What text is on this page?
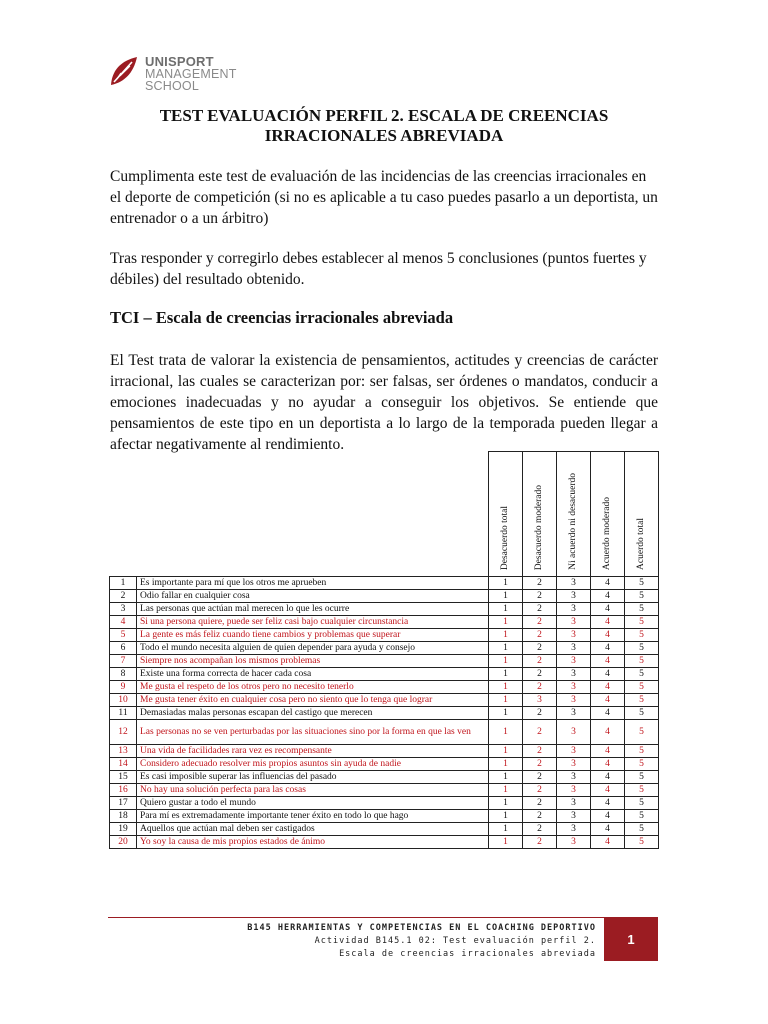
UNISPORT
MANAGEMENT
SCHOOL
TEST EVALUACIÓN PERFIL 2. ESCALA DE CREENCIAS IRRACIONALES ABREVIADA

Cumplimenta este test de evaluación de las incidencias de las creencias irracionales en el deporte de competición (si no es aplicable a tu caso puedes pasarlo a un deportista, un entrenador o a un árbitro)

Tras responder y corregirlo debes establecer al menos 5 conclusiones (puntos fuertes y débiles) del resultado obtenido.

TCI – Escala de creencias irracionales abreviada

El Test trata de valorar la existencia de pensamientos, actitudes y creencias de carácter irracional, las cuales se caracterizan por: ser falsas, ser órdenes o mandatos, conducir a emociones inadecuadas y no ayudar a conseguir los objetivos. Se entiende que pensamientos de este tipo en un deportista a lo largo de la temporada pueden llegar a afectar negativamente al rendimiento.

		Desacuerdo total	Desacuerdo moderado	Ni acuerdo ni desacuerdo	Acuerdo moderado	Acuerdo total

1	Es importante para mí que los otros me aprueben	1	2	3	4	5
2	Odio fallar en cualquier cosa	1	2	3	4	5
3	Las personas que actúan mal merecen lo que les ocurre	1	2	3	4	5
4	Si una persona quiere, puede ser feliz casi bajo cualquier circunstancia	1	2	3	4	5
5	La gente es más feliz cuando tiene cambios y problemas que superar	1	2	3	4	5
6	Todo el mundo necesita alguien de quien depender para ayuda y consejo	1	2	3	4	5
7	Siempre nos acompañan los mismos problemas	1	2	3	4	5
8	Existe una forma correcta de hacer cada cosa	1	2	3	4	5
9	Me gusta el respeto de los otros pero no necesito tenerlo	1	2	3	4	5
10	Me gusta tener éxito en cualquier cosa pero no siento que lo tenga que lograr	1	3	3	4	5
11	Demasiadas malas personas escapan del castigo que merecen	1	2	3	4	5
12	Las personas no se ven perturbadas por las situaciones sino por la forma en que las ven	1	2	3	4	5
13	Una vida de facilidades rara vez es recompensante	1	2	3	4	5
14	Considero adecuado resolver mis propios asuntos sin ayuda de nadie	1	2	3	4	5
15	Es casi imposible superar las influencias del pasado	1	2	3	4	5
16	No hay una solución perfecta para las cosas	1	2	3	4	5
17	Quiero gustar a todo el mundo	1	2	3	4	5
18	Para mí es extremadamente importante tener éxito en todo lo que hago	1	2	3	4	5
19	Aquellos que actúan mal deben ser castigados	1	2	3	4	5
20	Yo soy la causa de mis propios estados de ánimo	1	2	3	4	5
B145 HERRAMIENTAS Y COMPETENCIAS EN EL COACHING DEPORTIVO
Actividad B145.1 02: Test evaluación perfil 2.
Escala de creencias irracionales abreviada
1
